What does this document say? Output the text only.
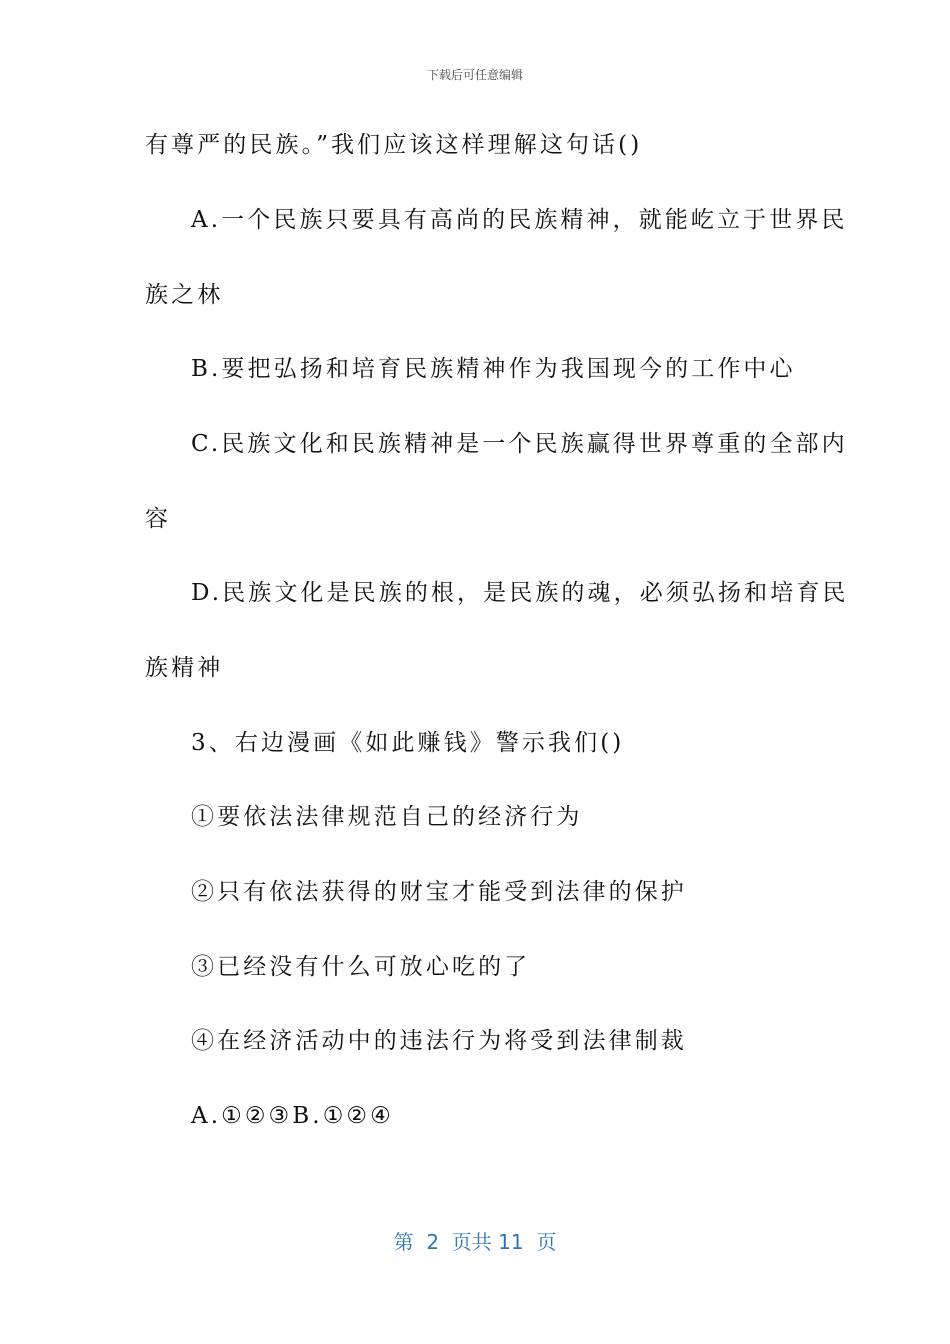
下载后可任意编辑
有尊严的民族。”我们应该这样理解这句话()
A.一个民族只要具有高尚的民族精神，就能屹立于世界民
族之林
B.要把弘扬和培育民族精神作为我国现今的工作中心
C.民族文化和民族精神是一个民族赢得世界尊重的全部内
容
D.民族文化是民族的根，是民族的魂，必须弘扬和培育民
族精神
3、右边漫画《如此赚钱》警示我们()
①要依法法律规范自己的经济行为
②只有依法获得的财宝才能受到法律的保护
③已经没有什么可放心吃的了
④在经济活动中的违法行为将受到法律制裁
A.①②③B.①②④
第  2  页共 11  页
